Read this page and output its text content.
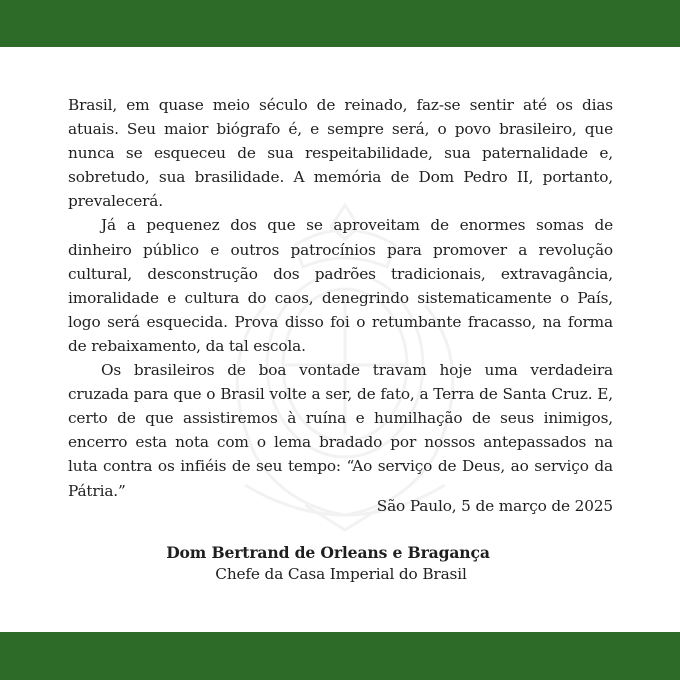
Brasil, em quase meio século de reinado, faz-se sentir até os dias atuais. Seu maior biógrafo é, e sempre será, o povo brasileiro, que nunca se esqueceu de sua respeitabilidade, sua paternalidade e, sobretudo, sua brasilidade. A memória de Dom Pedro II, portanto, prevalecerá.

Já a pequenez dos que se aproveitam de enormes somas de dinheiro público e outros patrocínios para promover a revolução cultural, desconstrução dos padrões tradicionais, extravagância, imoralidade e cultura do caos, denegrindo sistematicamente o País, logo será esquecida. Prova disso foi o retumbante fracasso, na forma de rebaixamento, da tal escola.

Os brasileiros de boa vontade travam hoje uma verdadeira cruzada para que o Brasil volte a ser, de fato, a Terra de Santa Cruz. E, certo de que assistiremos à ruína e humilhação de seus inimigos, encerro esta nota com o lema bradado por nossos antepassados na luta contra os infiéis de seu tempo: “Ao serviço de Deus, ao serviço da Pátria.”

São Paulo, 5 de março de 2025
Dom Bertrand de Orleans e Bragança
Chefe da Casa Imperial do Brasil
